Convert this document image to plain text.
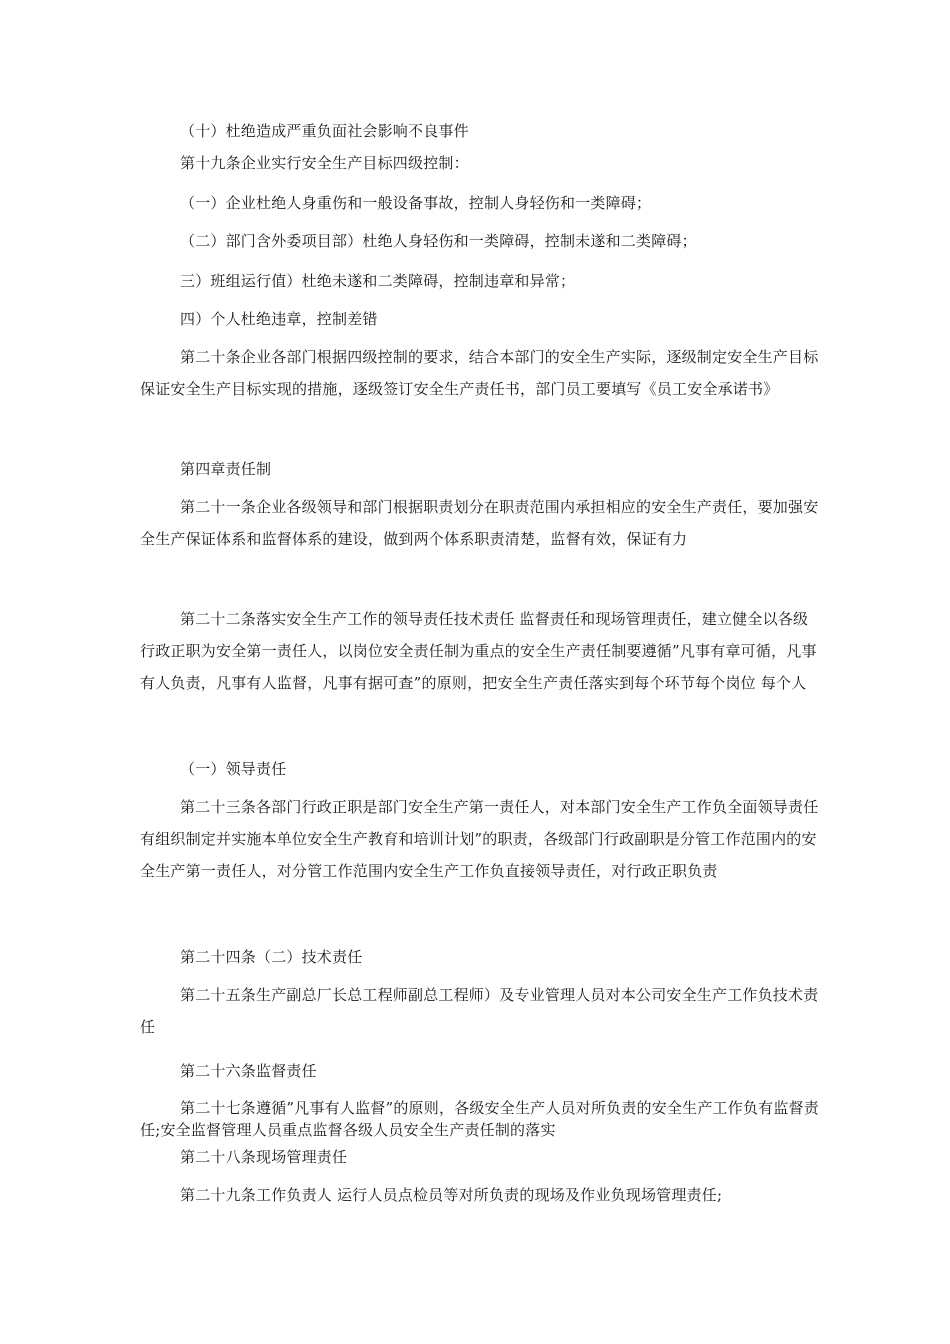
（十）杜绝造成严重负面社会影响不良事件

第十九条企业实行安全生产目标四级控制：

（一）企业杜绝人身重伤和一般设备事故，控制人身轻伤和一类障碍；

（二）部门含外委项目部）杜绝人身轻伤和一类障碍，控制未遂和二类障碍；

三）班组运行值）杜绝未遂和二类障碍，控制违章和异常；

四）个人杜绝违章，控制差错

第二十条企业各部门根据四级控制的要求，结合本部门的安全生产实际，逐级制定安全生产目标 保证安全生产目标实现的措施，逐级签订安全生产责任书，部门员工要填写《员工安全承诺书》

第四章责任制

第二十一条企业各级领导和部门根据职责划分在职责范围内承担相应的安全生产责任，要加强安全生产保证体系和监督体系的建设，做到两个体系职责清楚，监督有效，保证有力

第二十二条落实安全生产工作的领导责任技术责任 监督责任和现场管理责任，建立健全以各级行政正职为安全第一责任人，以岗位安全责任制为重点的安全生产责任制要遵循”凡事有章可循，凡事有人负责，凡事有人监督，凡事有据可查”的原则，把安全生产责任落实到每个环节每个岗位 每个人

（一）领导责任

第二十三条各部门行政正职是部门安全生产第一责任人，对本部门安全生产工作负全面领导责任有组织制定并实施本单位安全生产教育和培训计划”的职责，各级部门行政副职是分管工作范围内的安全生产第一责任人，对分管工作范围内安全生产工作负直接领导责任，对行政正职负责

第二十四条（二）技术责任

第二十五条生产副总厂长总工程师副总工程师）及专业管理人员对本公司安全生产工作负技术责任

第二十六条监督责任

第二十七条遵循”凡事有人监督”的原则，各级安全生产人员对所负责的安全生产工作负有监督责任;安全监督管理人员重点监督各级人员安全生产责任制的落实

第二十八条现场管理责任

第二十九条工作负责人 运行人员点检员等对所负责的现场及作业负现场管理责任;
